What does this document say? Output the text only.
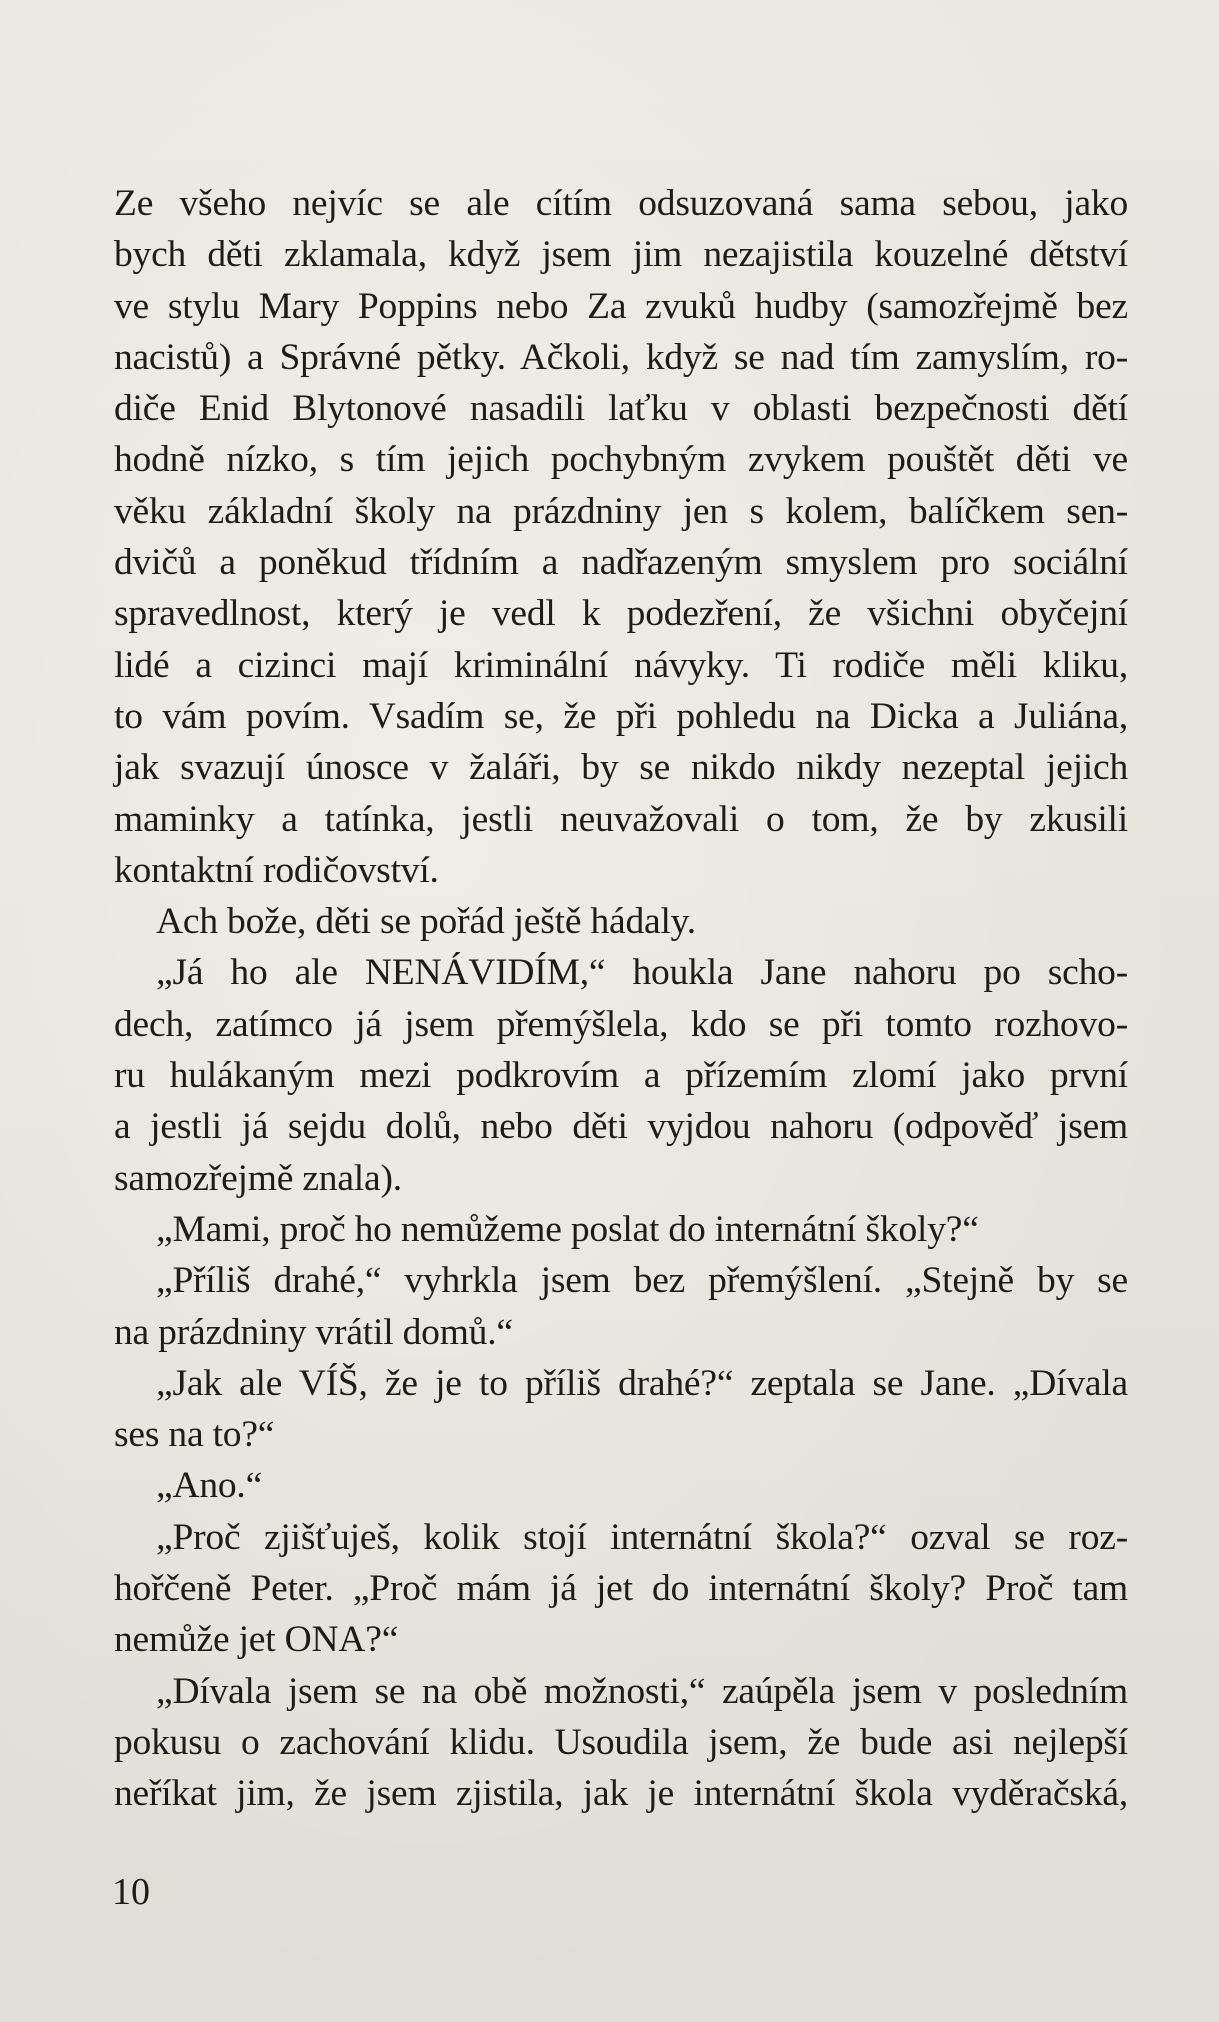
Ze všeho nejvíc se ale cítím odsuzovaná sama sebou, jako
bych děti zklamala, když jsem jim nezajistila kouzelné dětství
ve stylu Mary Poppins nebo Za zvuků hudby (samozřejmě bez
nacistů) a Správné pětky. Ačkoli, když se nad tím zamyslím, ro-
diče Enid Blytonové nasadili laťku v oblasti bezpečnosti dětí
hodně nízko, s tím jejich pochybným zvykem pouštět děti ve
věku základní školy na prázdniny jen s kolem, balíčkem sen-
dvičů a poněkud třídním a nadřazeným smyslem pro sociální
spravedlnost, který je vedl k podezření, že všichni obyčejní
lidé a cizinci mají kriminální návyky. Ti rodiče měli kliku,
to vám povím. Vsadím se, že při pohledu na Dicka a Juliána,
jak svazují únosce v žaláři, by se nikdo nikdy nezeptal jejich
maminky a tatínka, jestli neuvažovali o tom, že by zkusili
kontaktní rodičovství.
Ach bože, děti se pořád ještě hádaly.
„Já ho ale NENÁVIDÍM,“ houkla Jane nahoru po scho-
dech, zatímco já jsem přemýšlela, kdo se při tomto rozhovo-
ru hulákaným mezi podkrovím a přízemím zlomí jako první
a jestli já sejdu dolů, nebo děti vyjdou nahoru (odpověď jsem
samozřejmě znala).
„Mami, proč ho nemůžeme poslat do internátní školy?“
„Příliš drahé,“ vyhrkla jsem bez přemýšlení. „Stejně by se
na prázdniny vrátil domů.“
„Jak ale VÍŠ, že je to příliš drahé?“ zeptala se Jane. „Dívala
ses na to?“
„Ano.“
„Proč zjišťuješ, kolik stojí internátní škola?“ ozval se roz-
hořčeně Peter. „Proč mám já jet do internátní školy? Proč tam
nemůže jet ONA?“
„Dívala jsem se na obě možnosti,“ zaúpěla jsem v posledním
pokusu o zachování klidu. Usoudila jsem, že bude asi nejlepší
neříkat jim, že jsem zjistila, jak je internátní škola vyděračská,
10
